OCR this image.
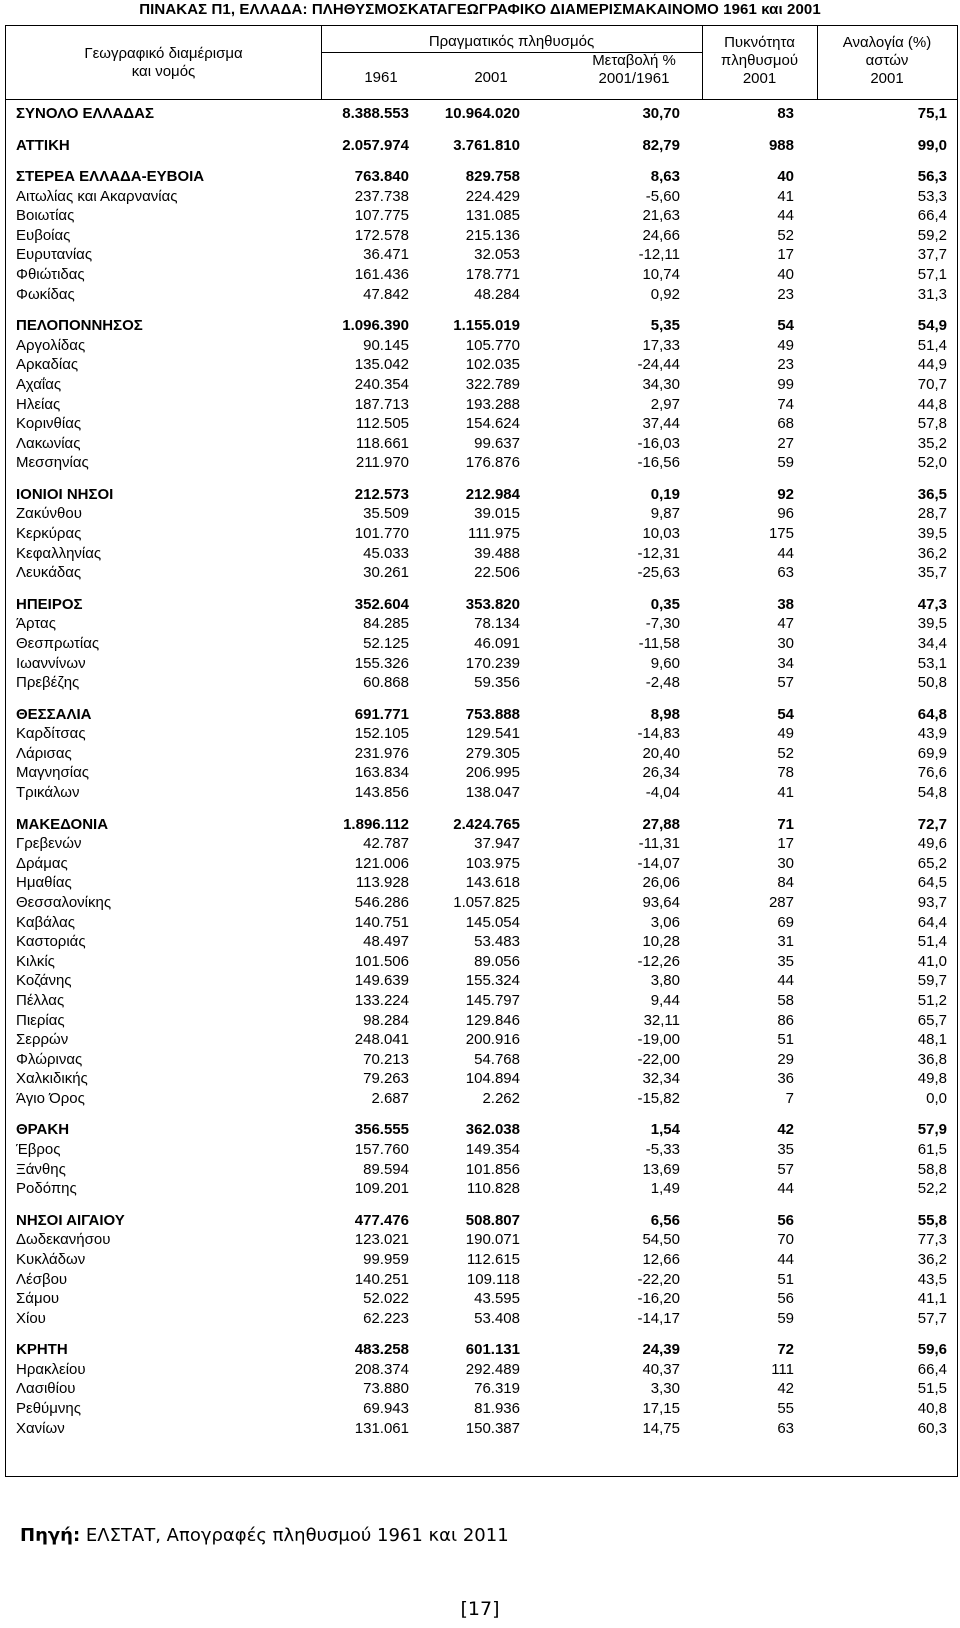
ΠΙΝΑΚΑΣ Π1, ΕΛΛΑΔΑ: ΠΛΗΘΥΣΜΟΣΚΑΤΑΓΕΩΓΡΑΦΙΚΟ ΔΙΑΜΕΡΙΣΜΑΚΑΙΝΟΜΟ 1961 και 2001
Γεωγραφικό διαμέρισμα
και νομός
Πραγματικός πληθυσμός
1961	2001
Μεταβολή %
2001/1961
Πυκνότητα
πληθυσμού
2001
Αναλογία (%)
αστών
2001
ΣΥΝΟΛΟ ΕΛΛΑΔΑΣ	8.388.553 10.964.020	30,70	83	75,1
ΑΤΤΙΚΗ	2.057.974	3.761.810	82,79	988	99,0
ΣΤΕΡΕΑ ΕΛΛΑΔΑ-ΕΥΒΟΙΑ	763.840	829.758	8,63	40	56,3
Αιτωλίας και Ακαρνανίας	237.738	224.429	-5,60	41	53,3
Βοιωτίας	107.775	131.085	21,63	44	66,4
Ευβοίας	172.578	215.136	24,66	52	59,2
Ευρυτανίας	36.471	32.053	-12,11	17	37,7
Φθιώτιδας	161.436	178.771	10,74	40	57,1
Φωκίδας	47.842	48.284	0,92	23	31,3
ΠΕΛΟΠΟΝΝΗΣΟΣ	1.096.390	1.155.019	5,35	54	54,9
Αργολίδας	90.145	105.770	17,33	49	51,4
Αρκαδίας	135.042	102.035	-24,44	23	44,9
Αχαΐας	240.354	322.789	34,30	99	70,7
Ηλείας	187.713	193.288	2,97	74	44,8
Κορινθίας	112.505	154.624	37,44	68	57,8
Λακωνίας	118.661	99.637	-16,03	27	35,2
Μεσσηνίας	211.970	176.876	-16,56	59	52,0
ΙΟΝΙΟΙ ΝΗΣΟΙ	212.573	212.984	0,19	92	36,5
Ζακύνθου	35.509	39.015	9,87	96	28,7
Κερκύρας	101.770	111.975	10,03	175	39,5
Κεφαλληνίας	45.033	39.488	-12,31	44	36,2
Λευκάδας	30.261	22.506	-25,63	63	35,7
ΗΠΕΙΡΟΣ	352.604	353.820	0,35	38	47,3
Άρτας	84.285	78.134	-7,30	47	39,5
Θεσπρωτίας	52.125	46.091	-11,58	30	34,4
Ιωαννίνων	155.326	170.239	9,60	34	53,1
Πρεβέζης	60.868	59.356	-2,48	57	50,8
ΘΕΣΣΑΛΙΑ	691.771	753.888	8,98	54	64,8
Καρδίτσας	152.105	129.541	-14,83	49	43,9
Λάρισας	231.976	279.305	20,40	52	69,9
Μαγνησίας	163.834	206.995	26,34	78	76,6
Τρικάλων	143.856	138.047	-4,04	41	54,8
ΜΑΚΕΔΟΝΙΑ	1.896.112	2.424.765	27,88	71	72,7
Γρεβενών	42.787	37.947	-11,31	17	49,6
Δράμας	121.006	103.975	-14,07	30	65,2
Ημαθίας	113.928	143.618	26,06	84	64,5
Θεσσαλονίκης	546.286	1.057.825	93,64	287	93,7
Καβάλας	140.751	145.054	3,06	69	64,4
Καστοριάς	48.497	53.483	10,28	31	51,4
Κιλκίς	101.506	89.056	-12,26	35	41,0
Κοζάνης	149.639	155.324	3,80	44	59,7
Πέλλας	133.224	145.797	9,44	58	51,2
Πιερίας	98.284	129.846	32,11	86	65,7
Σερρών	248.041	200.916	-19,00	51	48,1
Φλώρινας	70.213	54.768	-22,00	29	36,8
Χαλκιδικής	79.263	104.894	32,34	36	49,8
Άγιο Όρος	2.687	2.262	-15,82	7	0,0
ΘΡΑΚΗ	356.555	362.038	1,54	42	57,9
Έβρος	157.760	149.354	-5,33	35	61,5
Ξάνθης	89.594	101.856	13,69	57	58,8
Ροδόπης	109.201	110.828	1,49	44	52,2
ΝΗΣΟΙ ΑΙΓΑΙΟΥ	477.476	508.807	6,56	56	55,8
Δωδεκανήσου	123.021	190.071	54,50	70	77,3
Κυκλάδων	99.959	112.615	12,66	44	36,2
Λέσβου	140.251	109.118	-22,20	51	43,5
Σάμου	52.022	43.595	-16,20	56	41,1
Χίου	62.223	53.408	-14,17	59	57,7
ΚΡΗΤΗ	483.258	601.131	24,39	72	59,6
Ηρακλείου	208.374	292.489	40,37	111	66,4
Λασιθίου	73.880	76.319	3,30	42	51,5
Ρεθύμνης	69.943	81.936	17,15	55	40,8
Χανίων	131.061	150.387	14,75	63	60,3
Πηγή: ΕΛΣΤΑΤ, Απογραφές πληθυσμού 1961 και 2011
[17]
